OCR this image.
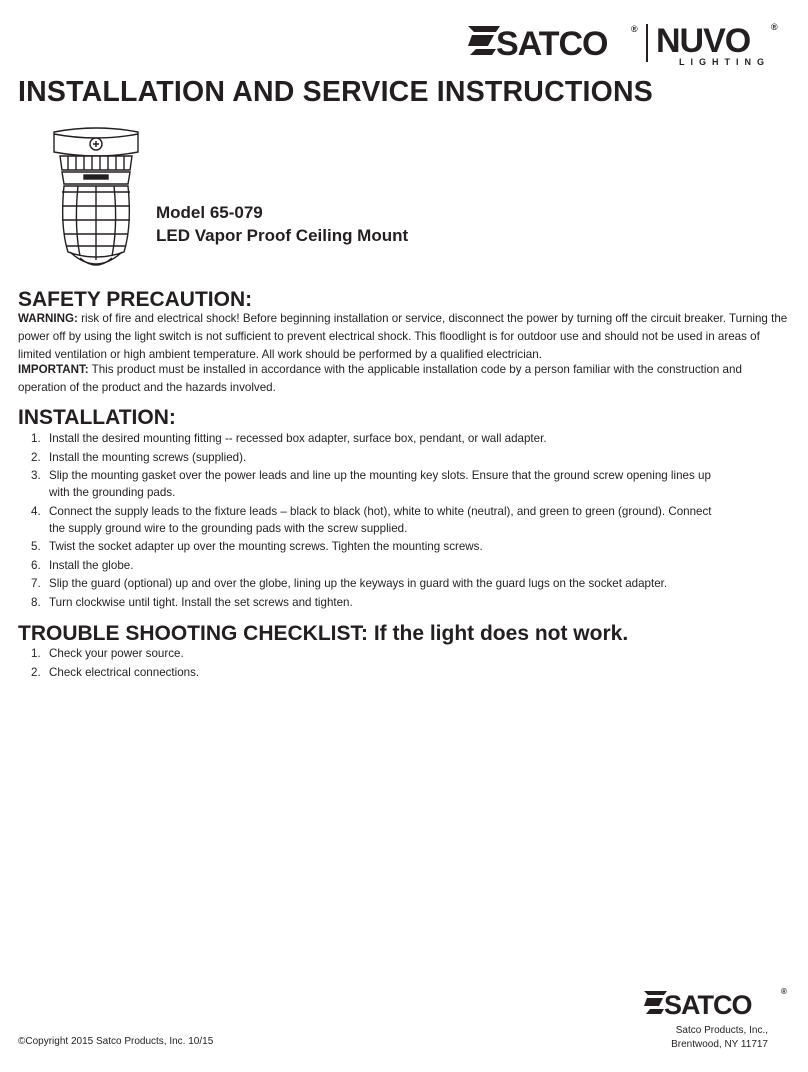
SATCO	® NUVO ®
LIGHTING
INSTALLATION AND SERVICE INSTRUCTIONS
Model 65-079
LED Vapor Proof Ceiling Mount
SAFETY PRECAUTION:

WARNING: risk of fire and electrical shock! Before beginning installation or service, disconnect the power by turning off the circuit breaker. Turning the power off by using the light switch is not sufficient to prevent electrical shock. This floodlight is for outdoor use and should not be used in areas of limited ventilation or high ambient temperature. All work should be performed by a qualified electrician.

IMPORTANT: This product must be installed in accordance with the applicable installation code by a person familiar with the construction and operation of the product and the hazards involved.

INSTALLATION:
1. Install the desired mounting fitting -- recessed box adapter, surface box, pendant, or wall adapter.
2. Install the mounting screws (supplied).
3. Slip the mounting gasket over the power leads and line up the mounting key slots. Ensure that the ground screw opening lines up with the grounding pads.
4. Connect the supply leads to the fixture leads – black to black (hot), white to white (neutral), and green to green (ground). Connect the supply ground wire to the grounding pads with the screw supplied.
5. Twist the socket adapter up over the mounting screws. Tighten the mounting screws.
6. Install the globe.
7. Slip the guard (optional) up and over the globe, lining up the keyways in guard with the guard lugs on the socket adapter.
8. Turn clockwise until tight. Install the set screws and tighten.
TROUBLE SHOOTING CHECKLIST: If the light does not work.
1. Check your power source.
2. Check electrical connections.
SATCO	®
Satco Products, Inc.,
Brentwood, NY 11717
©Copyright 2015 Satco Products, Inc. 10/15
